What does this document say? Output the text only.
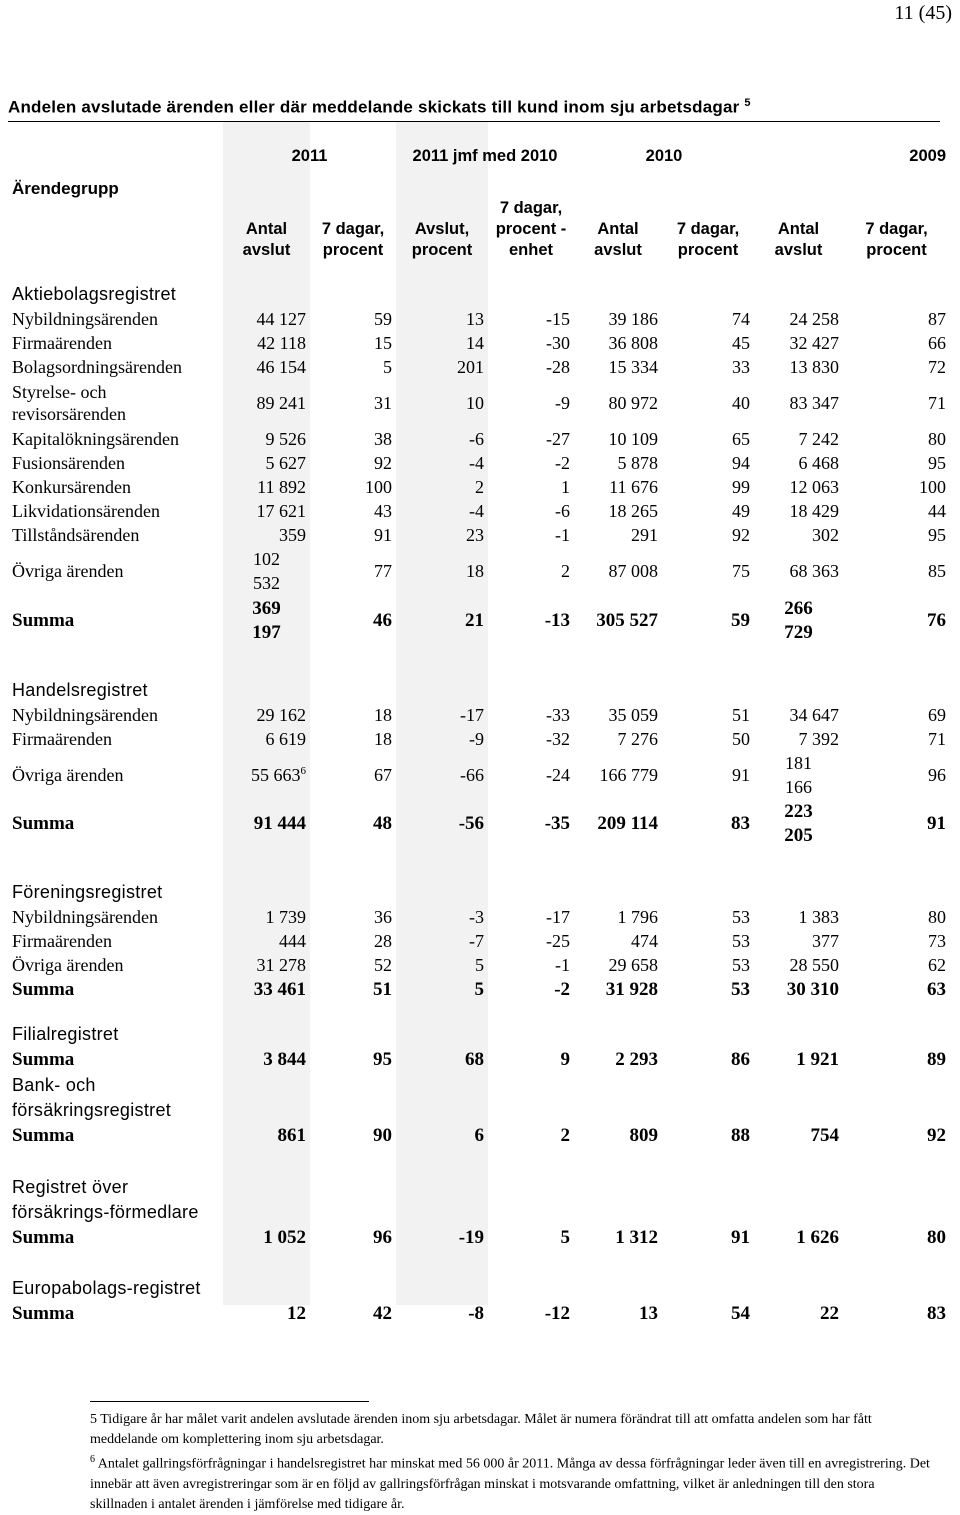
11 (45)
Andelen avslutade ärenden eller där meddelande skickats till kund inom sju arbetsdagar $^5$
	2011		2011 jmf med 2010		2010		2009	
Ärendegrupp	Antal avslut	7 dagar, procent	Avslut, procent	7 dagar, procent -enhet	Antal avslut	7 dagar, procent	Antal avslut	7 dagar, procent
Aktiebolagsregistret								
Nybildningsärenden	44 127	59	13	-15	39 186	74	24 258	87
Firmaärenden	42 118	15	14	-30	36 808	45	32 427	66
Bolagsordningsärenden	46 154	5	201	-28	15 334	33	13 830	72
Styrelse- och revisorsärenden	89 241	31	10	-9	80 972	40	83 347	71
Kapitalökningsärenden	9 526	38	-6	-27	10 109	65	7 242	80
Fusionsärenden	5 627	92	-4	-2	5 878	94	6 468	95
Konkursärenden	11 892	100	2	1	11 676	99	12 063	100
Likvidationsärenden	17 621	43	-4	-6	18 265	49	18 429	44
Tillståndsärenden	359	91	23	-1	291	92	302	95
Övriga ärenden	102 532	77	18	2	87 008	75	68 363	85
Summa	369 197	46	21	-13	305 527	59	266 729	76
Handelsregistret								
Nybildningsärenden	29 162	18	-17	-33	35 059	51	34 647	69
Firmaärenden	6 619	18	-9	-32	7 276	50	7 392	71
Övriga ärenden	55 $663^6$	67	-66	-24	166 779	91	181 166	96
Summa	91 444	48	-56	-35	209 114	83	223 205	91
Föreningsregistret								
Nybildningsärenden	1 739	36	-3	-17	1 796	53	1 383	80
Firmaärenden	444	28	-7	-25	474	53	377	73
Övriga ärenden	31 278	52	5	-1	29 658	53	28 550	62
Summa	33 461	51	5	-2	31 928	53	30 310	63
Filialregistret								
Summa	3 844	95	68	9	2 293	86	1 921	89
Bank- och försäkringsregistret								
Summa	861	90	6	2	809	88	754	92
Registret över försäkrings-förmedlare								
Summa	1 052	96	-19	5	1 312	91	1 626	80
Europabolags-registret								
Summa	12	42	-8	-12	13	54	22	83

5 Tidigare år har målet varit andelen avslutade ärenden inom sju arbetsdagar. Målet är numera förändrat till att omfatta andelen som har fått meddelande om komplettering inom sju arbetsdagar.

$^6$ Antalet gallringsförfrågningar i handelsregistret har minskat med 56 000 år 2011. Många av dessa förfrågningar leder även till en avregistrering. Det innebär att även avregistreringar som är en följd av gallringsförfrågan minskat i motsvarande omfattning, vilket är anledningen till den stora skillnaden i antalet ärenden i jämförelse med tidigare år.
